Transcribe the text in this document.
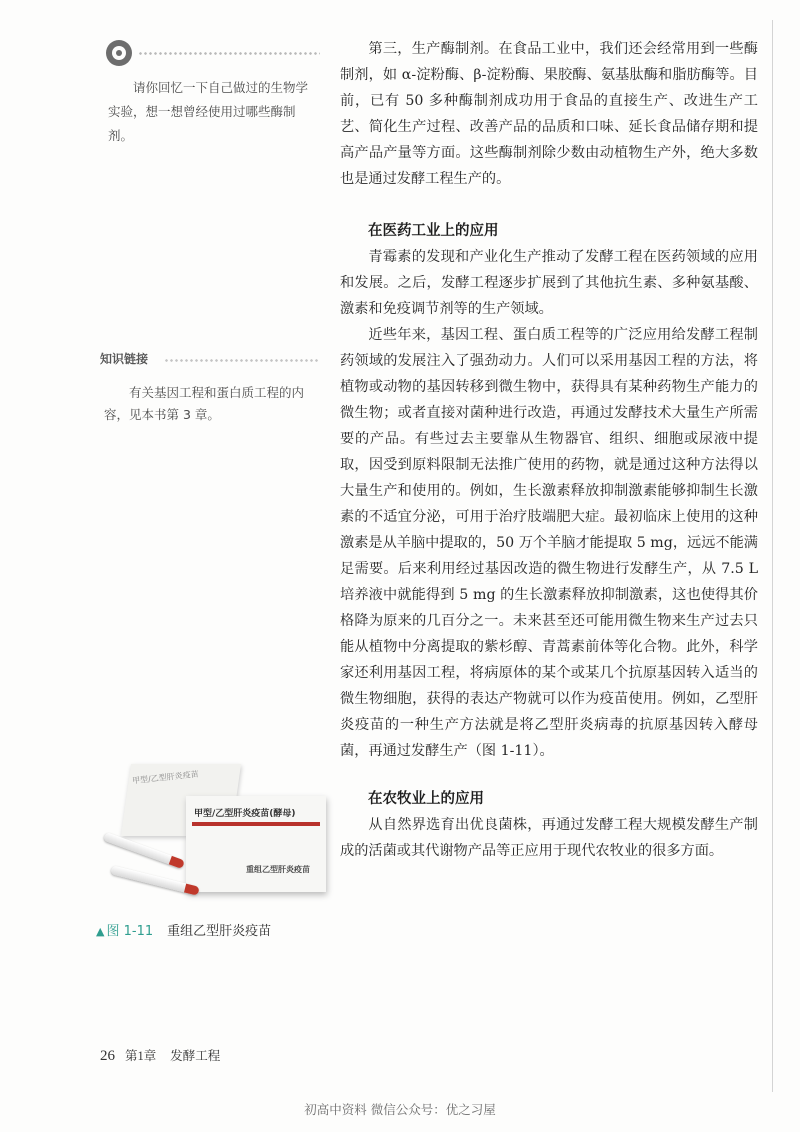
请你回忆一下自己做过的生物学实验，想一想曾经使用过哪些酶制剂。
知识链接
有关基因工程和蛋白质工程的内容，见本书第 3 章。
甲型/乙型肝炎疫苗
甲型/乙型肝炎疫苗(酵母)
重组乙型肝炎疫苗
▲ 图 1-11 重组乙型肝炎疫苗

第三，生产酶制剂。在食品工业中，我们还会经常用到一些酶制剂，如 α-淀粉酶、β-淀粉酶、果胶酶、氨基肽酶和脂肪酶等。目前，已有 50 多种酶制剂成功用于食品的直接生产、改进生产工艺、简化生产过程、改善产品的品质和口味、延长食品储存期和提高产品产量等方面。这些酶制剂除少数由动植物生产外，绝大多数也是通过发酵工程生产的。

在医药工业上的应用

青霉素的发现和产业化生产推动了发酵工程在医药领域的应用和发展。之后，发酵工程逐步扩展到了其他抗生素、多种氨基酸、激素和免疫调节剂等的生产领域。

近些年来，基因工程、蛋白质工程等的广泛应用给发酵工程制药领域的发展注入了强劲动力。人们可以采用基因工程的方法，将植物或动物的基因转移到微生物中，获得具有某种药物生产能力的微生物；或者直接对菌种进行改造，再通过发酵技术大量生产所需要的产品。有些过去主要靠从生物器官、组织、细胞或尿液中提取，因受到原料限制无法推广使用的药物，就是通过这种方法得以大量生产和使用的。例如，生长激素释放抑制激素能够抑制生长激素的不适宜分泌，可用于治疗肢端肥大症。最初临床上使用的这种激素是从羊脑中提取的，50 万个羊脑才能提取 5 mg，远远不能满足需要。后来利用经过基因改造的微生物进行发酵生产，从 7.5 L 培养液中就能得到 5 mg 的生长激素释放抑制激素，这也使得其价格降为原来的几百分之一。未来甚至还可能用微生物来生产过去只能从植物中分离提取的紫杉醇、青蒿素前体等化合物。此外，科学家还利用基因工程，将病原体的某个或某几个抗原基因转入适当的微生物细胞，获得的表达产物就可以作为疫苗使用。例如，乙型肝炎疫苗的一种生产方法就是将乙型肝炎病毒的抗原基因转入酵母菌，再通过发酵生产（图 1-11）。

在农牧业上的应用

从自然界选育出优良菌株，再通过发酵工程大规模发酵生产制成的活菌或其代谢物产品等正应用于现代农牧业的很多方面。

26 第1章 发酵工程
初高中资料 微信公众号：优之习屋
